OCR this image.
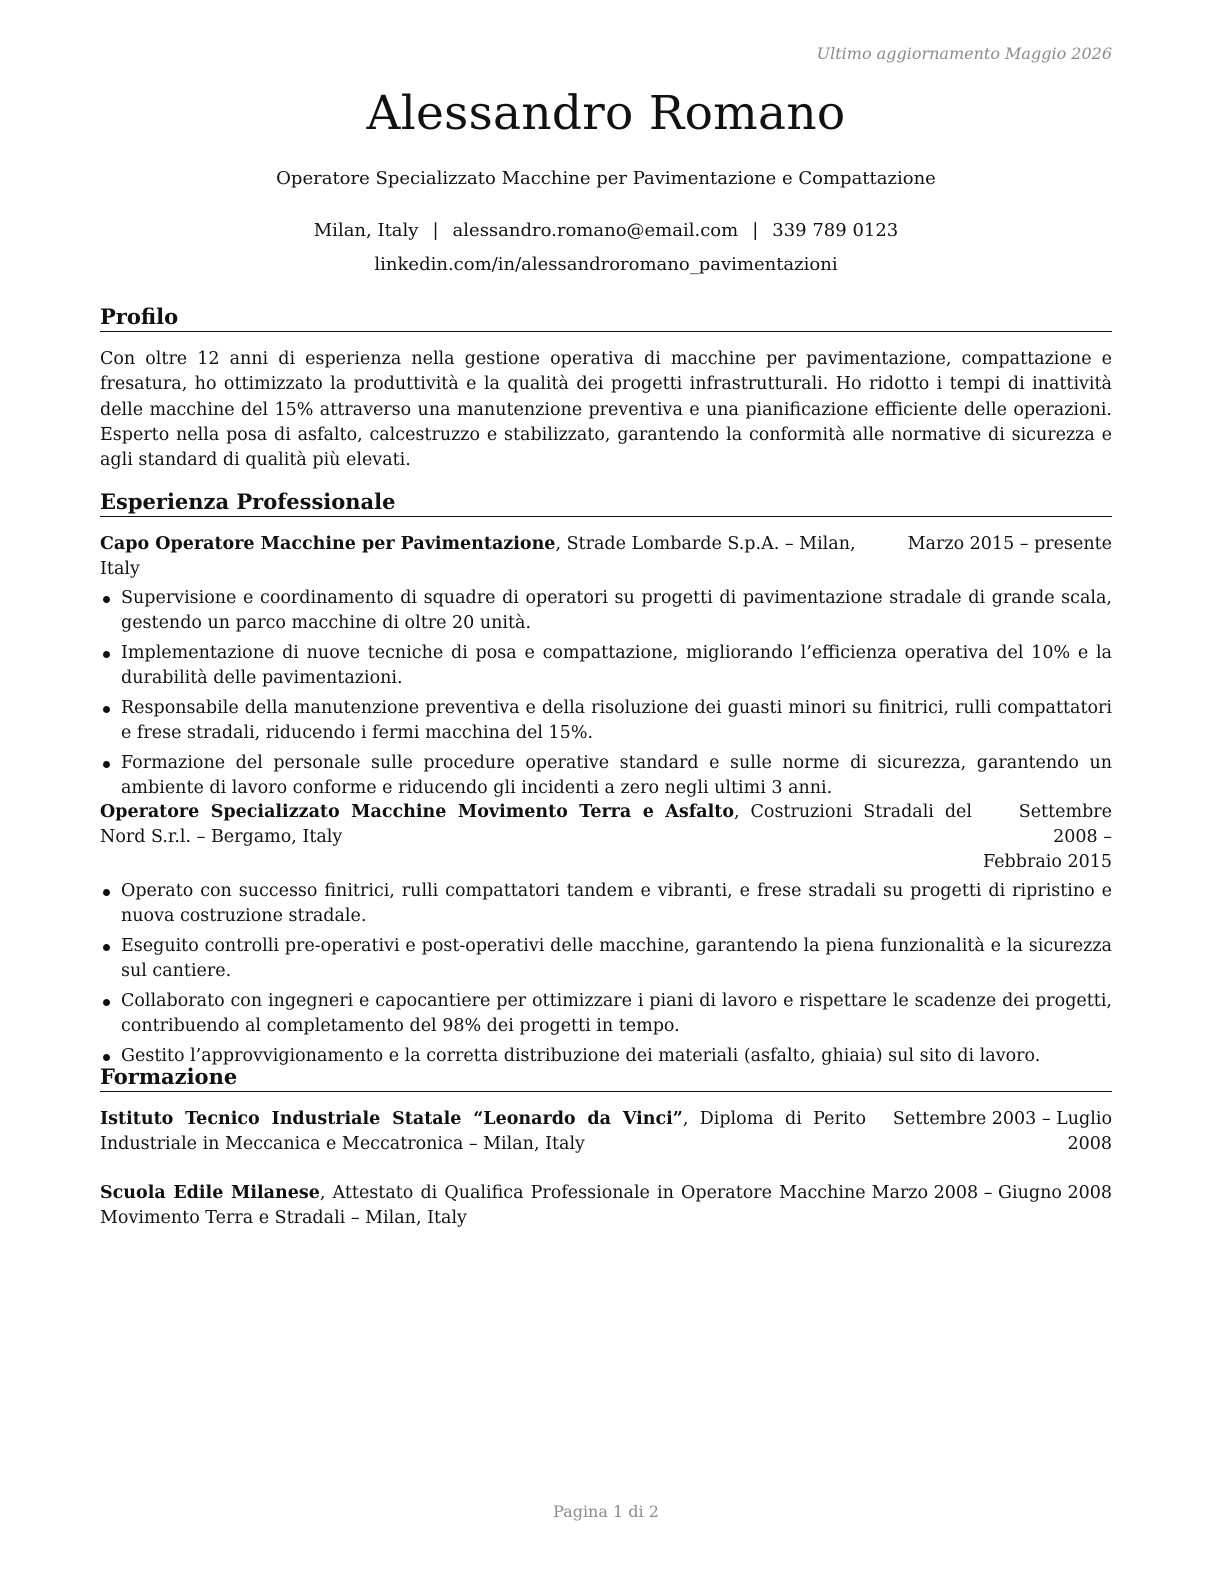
Ultimo aggiornamento Maggio 2026
Alessandro Romano
Operatore Specializzato Macchine per Pavimentazione e Compattazione
Milan, Italy | alessandro.romano@email.com | 339 789 0123
linkedin.com/in/alessandroromano_pavimentazioni
Profilo
Con oltre 12 anni di esperienza nella gestione operativa di macchine per pavimentazione, compattazione e fresatura, ho ottimizzato la produttività e la qualità dei progetti infrastrutturali. Ho ridotto i tempi di inattività delle macchine del 15% attraverso una manutenzione preventiva e una pianificazione efficiente delle operazioni. Esperto nella posa di asfalto, calcestruzzo e stabilizzato, garantendo la conformità alle normative di sicurezza e agli standard di qualità più elevati.
Esperienza Professionale
Capo Operatore Macchine per Pavimentazione, Strade Lombarde S.p.A. – Milan, Italy
Marzo 2015 – presente
Supervisione e coordinamento di squadre di operatori su progetti di pavimentazione stradale di grande scala, gestendo un parco macchine di oltre 20 unità.
Implementazione di nuove tecniche di posa e compattazione, migliorando l’efficienza operativa del 10% e la durabilità delle pavimentazioni.
Responsabile della manutenzione preventiva e della risoluzione dei guasti minori su finitrici, rulli compattatori e frese stradali, riducendo i fermi macchina del 15%.
Formazione del personale sulle procedure operative standard e sulle norme di sicurezza, garantendo un ambiente di lavoro conforme e riducendo gli incidenti a zero negli ultimi 3 anni.
Operatore Specializzato Macchine Movimento Terra e Asfalto, Costruzioni Stradali del Nord S.r.l. – Bergamo, Italy
Settembre 2008 – Febbraio 2015
Operato con successo finitrici, rulli compattatori tandem e vibranti, e frese stradali su progetti di ripristino e nuova costruzione stradale.
Eseguito controlli pre-operativi e post-operativi delle macchine, garantendo la piena funzionalità e la sicurezza sul cantiere.
Collaborato con ingegneri e capocantiere per ottimizzare i piani di lavoro e rispettare le scadenze dei progetti, contribuendo al completamento del 98% dei progetti in tempo.
Gestito l’approvvigionamento e la corretta distribuzione dei materiali (asfalto, ghiaia) sul sito di lavoro.
Formazione
Istituto Tecnico Industriale Statale “Leonardo da Vinci”, Diploma di Perito Industriale in Meccanica e Meccatronica – Milan, Italy
Settembre 2003 – Luglio 2008
Scuola Edile Milanese, Attestato di Qualifica Professionale in Operatore Macchine Movimento Terra e Stradali – Milan, Italy
Marzo 2008 – Giugno 2008
Pagina 1 di 2
